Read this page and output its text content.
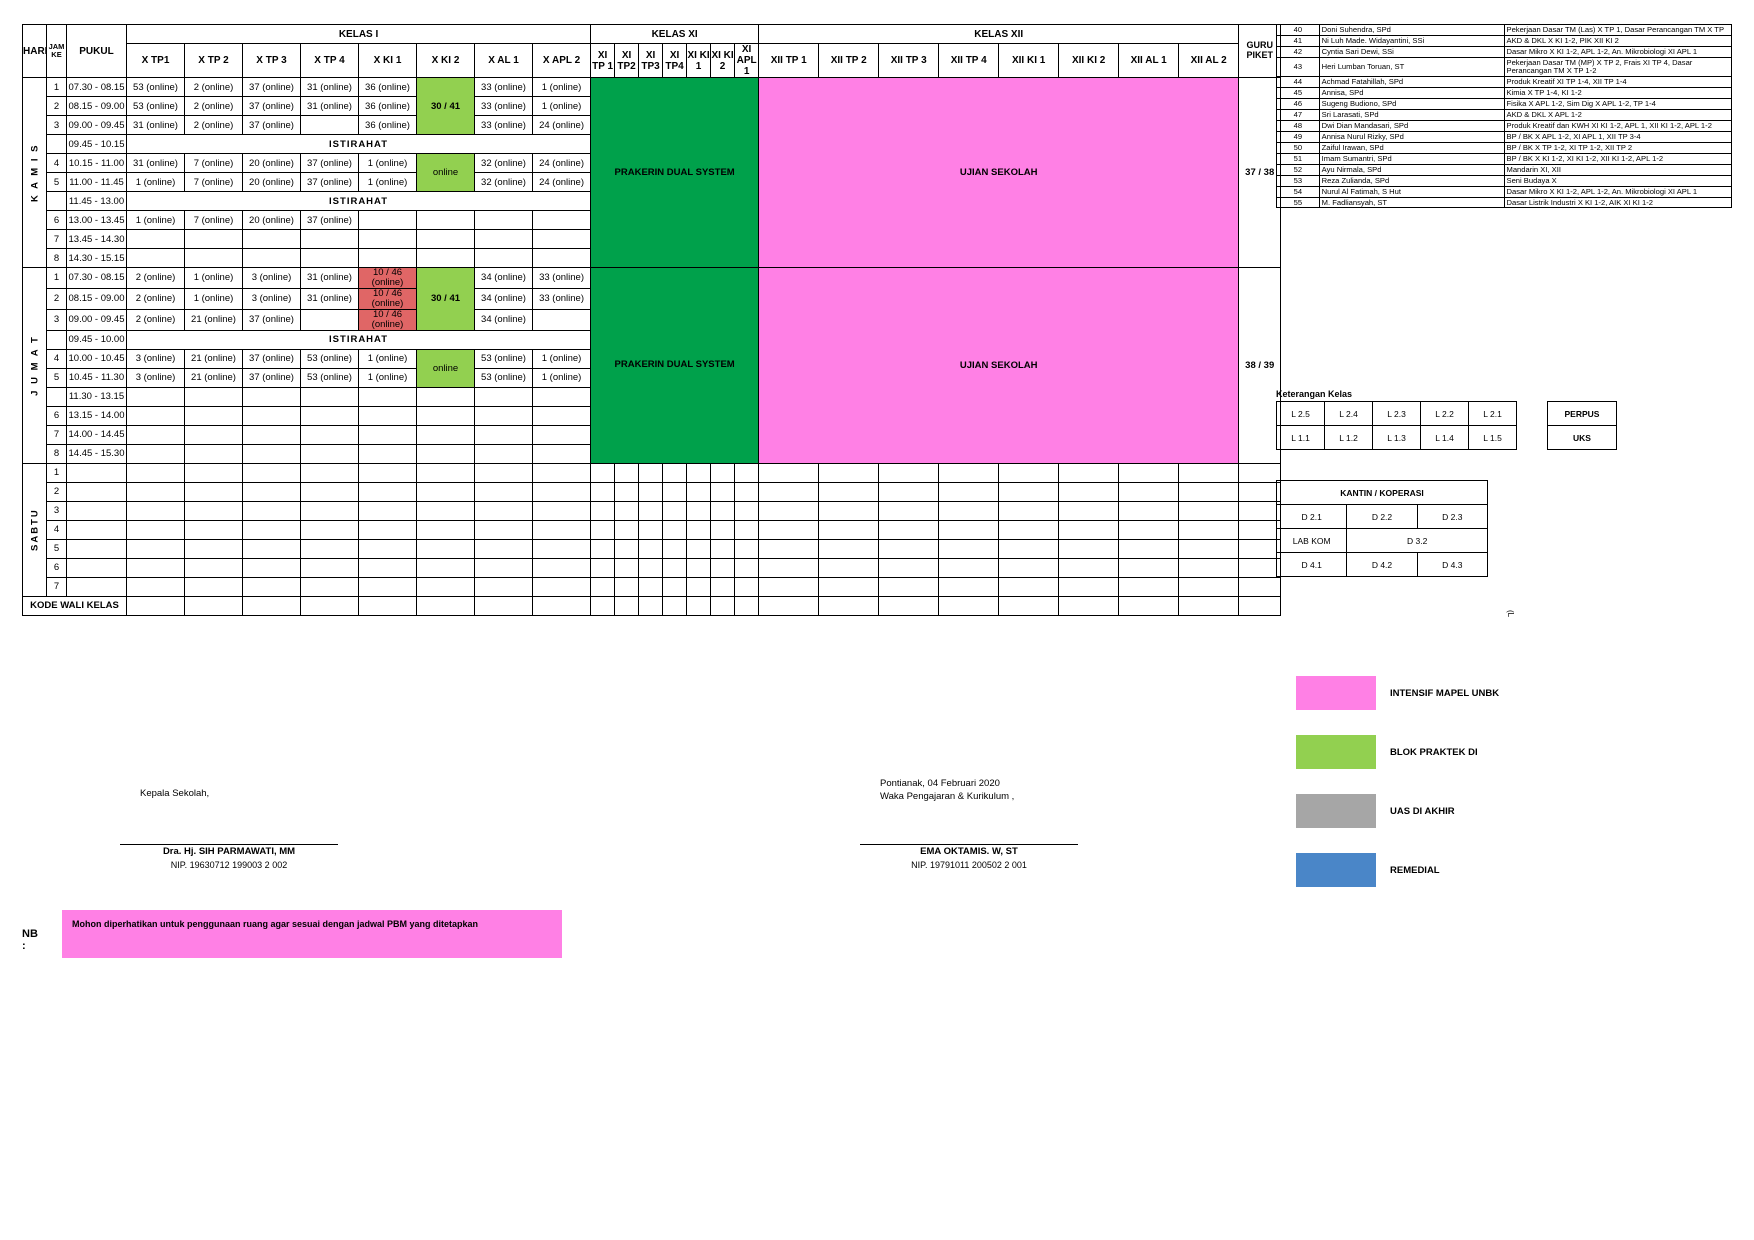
HARI	JAM KE	PUKUL	KELAS I								KELAS XI							KELAS XII								GURU PIKET
			X TP1	X TP 2	X TP 3	X TP 4	X KI 1	X KI 2	X AL 1	X APL 2	XI TP 1	XI TP2	XI TP3	XI TP4	XI KI 1	XI KI 2	XI APL 1	XII TP 1	XII TP 2	XII TP 3	XII TP 4	XII KI 1	XII KI 2	XII AL 1	XII AL 2	
K A M I S	1	07.30 - 08.15	53 (online)	2 (online)	37 (online)	31 (online)	36 (online)	30 / 41	33 (online)	1 (online)	PRAKERIN DUAL SYSTEM							UJIAN SEKOLAH								37 / 38
	2	08.15 - 09.00	53 (online)	2 (online)	37 (online)	31 (online)	36 (online)		33 (online)	1 (online)																
	3	09.00 - 09.45	31 (online)	2 (online)	37 (online)		36 (online)		33 (online)	24 (online)																
		09.45 - 10.15	ISTIRAHAT																							
	4	10.15 - 11.00	31 (online)	7 (online)	20 (online)	37 (online)	1 (online)	online	32 (online)	24 (online)																
	5	11.00 - 11.45	1 (online)	7 (online)	20 (online)	37 (online)	1 (online)		32 (online)	24 (online)																
		11.45 - 13.00	ISTIRAHAT																							
	6	13.00 - 13.45	1 (online)	7 (online)	20 (online)	37 (online)																				
	7	13.45 - 14.30																								
	8	14.30 - 15.15																								
J U M A T	1	07.30 - 08.15	2 (online)	1 (online)	3 (online)	31 (online)	10 / 46 (online)	30 / 41	34 (online)	33 (online)	PRAKERIN DUAL SYSTEM							UJIAN SEKOLAH								38 / 39
	2	08.15 - 09.00	2 (online)	1 (online)	3 (online)	31 (online)	10 / 46 (online)		34 (online)	33 (online)																
	3	09.00 - 09.45	2 (online)	21 (online)	37 (online)		10 / 46 (online)		34 (online)																	
		09.45 - 10.00	ISTIRAHAT																							
	4	10.00 - 10.45	3 (online)	21 (online)	37 (online)	53 (online)	1 (online)	online	53 (online)	1 (online)																
	5	10.45 - 11.30	3 (online)	21 (online)	37 (online)	53 (online)	1 (online)		53 (online)	1 (online)																
		11.30 - 13.15																								
	6	13.15 - 14.00																								
	7	14.00 - 14.45																								
	8	14.45 - 15.30																								
SABTU	1																									
	2																									
	3																									
	4																									
	5																									
	6																									
	7																									
KODE WALI KELAS																										
40	Doni Suhendra, SPd	Pekerjaan Dasar TM (Las) X TP 1, Dasar Perancangan TM X TP
41	Ni Luh Made. Widayantini, SSi	AKD & DKL X KI 1-2, PIK XII KI 2
42	Cyntia Sari Dewi, SSi	Dasar Mikro X KI 1-2, APL 1-2, An. Mikrobiologi XI APL 1
43	Heri Lumban Toruan, ST	Pekerjaan Dasar TM (MP) X TP 2, Frais XI TP 4, Dasar Perancangan TM X TP 1-2
44	Achmad Fatahillah, SPd	Produk Kreatif XI TP 1-4, XII TP 1-4
45	Annisa, SPd	Kimia X TP 1-4, KI 1-2
46	Sugeng Budiono, SPd	Fisika X APL 1-2, Sim Dig X APL 1-2, TP 1-4
47	Sri Larasati, SPd	AKD & DKL X APL 1-2
48	Dwi Dian Mandasari, SPd	Produk Kreatif dan KWH XI KI 1-2, APL 1, XII KI 1-2, APL 1-2
49	Annisa Nurul Rizky, SPd	BP / BK X APL 1-2, XI APL 1, XII TP 3-4
50	Zaiful Irawan, SPd	BP / BK X TP 1-2, XI TP 1-2, XII TP 2
51	Imam Sumantri, SPd	BP / BK X KI 1-2, XI KI 1-2, XII KI 1-2, APL 1-2
52	Ayu Nirmala, SPd	Mandarin XI, XII
53	Reza Zulianda, SPd	Seni Budaya X
54	Nurul Al Fatimah, S Hut	Dasar Mikro X KI 1-2, APL 1-2, An. Mikrobiologi XI APL 1
55	M. Fadliansyah, ST	Dasar Listrik Industri X KI 1-2, AIK XI KI 1-2
Keterangan Kelas
L 2.5	L 2.4	L 2.3	L 2.2	L 2.1
L 1.1	L 1.2	L 1.3	L 1.4	L 1.5
PERPUS
UKS
KANTIN / KOPERASI		
D 2.1	D 2.2	D 2.3
LAB KOM	D 3.2	
D 4.1	D 4.2	D 4.3
(L
INTENSIF MAPEL UNBK
BLOK PRAKTEK DI
UAS DI AKHIR
REMEDIAL
Kepala Sekolah,
Dra. Hj. SIH PARMAWATI, MM
NIP. 19630712 199003 2 002
Pontianak, 04 Februari 2020
Waka Pengajaran & Kurikulum ,
EMA OKTAMIS. W, ST
NIP. 19791011 200502 2 001
NB :
Mohon diperhatikan untuk penggunaan ruang agar sesuai dengan jadwal PBM yang ditetapkan
